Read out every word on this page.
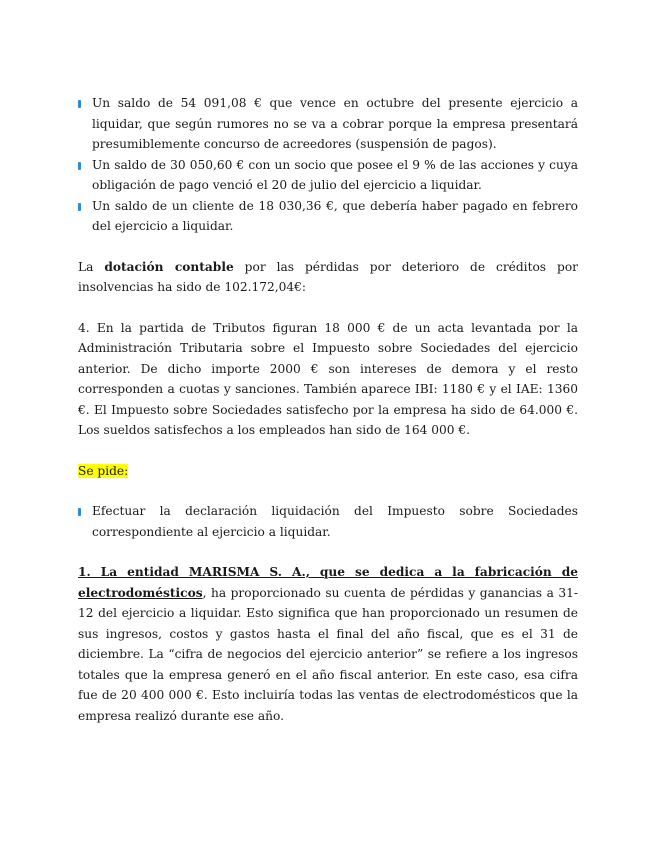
Un saldo de 54 091,08 € que vence en octubre del presente ejercicio a liquidar, que según rumores no se va a cobrar porque la empresa presentará presumiblemente concurso de acreedores (suspensión de pagos).

Un saldo de 30 050,60 € con un socio que posee el 9 % de las acciones y cuya obligación de pago venció el 20 de julio del ejercicio a liquidar.

Un saldo de un cliente de 18 030,36 €, que debería haber pagado en febrero del ejercicio a liquidar.

La dotación contable por las pérdidas por deterioro de créditos por insolvencias ha sido de 102.172,04€:

4. En la partida de Tributos figuran 18 000 € de un acta levantada por la Administración Tributaria sobre el Impuesto sobre Sociedades del ejercicio anterior. De dicho importe 2000 € son intereses de demora y el resto corresponden a cuotas y sanciones. También aparece IBI: 1180 € y el IAE: 1360 €. El Impuesto sobre Sociedades satisfecho por la empresa ha sido de 64.000 €. Los sueldos satisfechos a los empleados han sido de 164 000 €.

Se pide:

Efectuar la declaración liquidación del Impuesto sobre Sociedades correspondiente al ejercicio a liquidar.

1. La entidad MARISMA S. A., que se dedica a la fabricación de electrodomésticos, ha proporcionado su cuenta de pérdidas y ganancias a 31-12 del ejercicio a liquidar. Esto significa que han proporcionado un resumen de sus ingresos, costos y gastos hasta el final del año fiscal, que es el 31 de diciembre. La “cifra de negocios del ejercicio anterior” se refiere a los ingresos totales que la empresa generó en el año fiscal anterior. En este caso, esa cifra fue de 20 400 000 €. Esto incluiría todas las ventas de electrodomésticos que la empresa realizó durante ese año.
